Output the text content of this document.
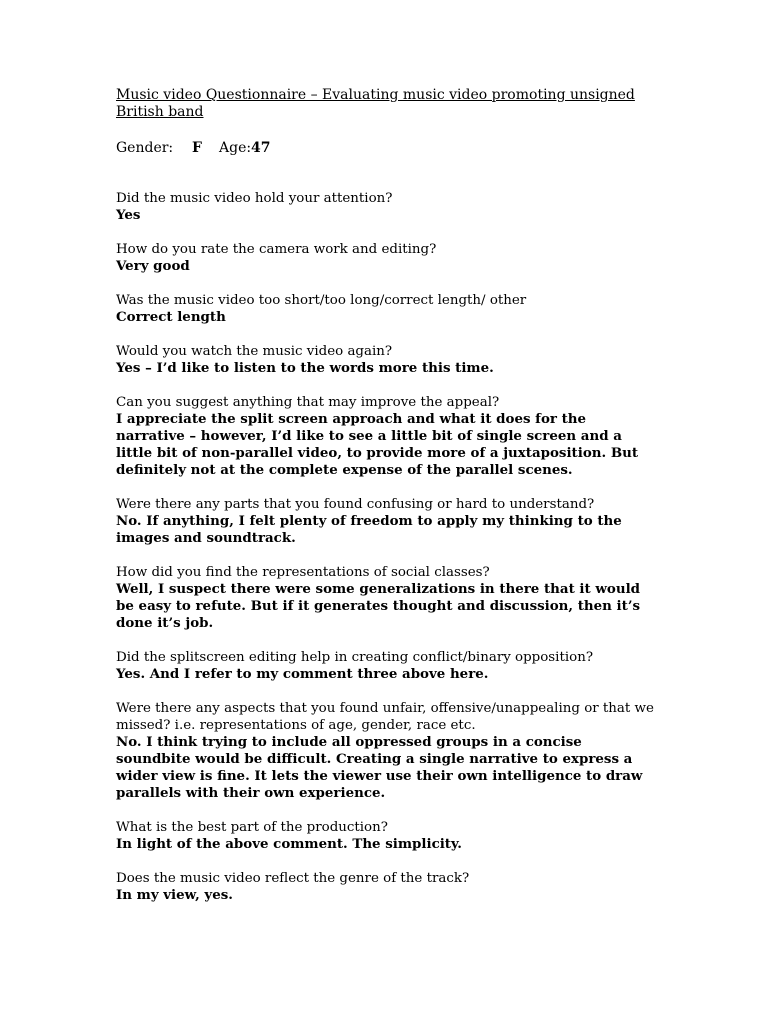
Music video Questionnaire – Evaluating music video promoting unsigned British band
Gender:	F	Age: 47

Did the music video hold your attention?

Yes

How do you rate the camera work and editing?

Very good

Was the music video too short/too long/correct length/ other

Correct length

Would you watch the music video again?

Yes – I’d like to listen to the words more this time.

Can you suggest anything that may improve the appeal?

I appreciate the split screen approach and what it does for the narrative – however, I’d like to see a little bit of single screen and a little bit of non-parallel video, to provide more of a juxtaposition. But definitely not at the complete expense of the parallel scenes.

Were there any parts that you found confusing or hard to understand?

No. If anything, I felt plenty of freedom to apply my thinking to the images and soundtrack.

How did you find the representations of social classes?

Well, I suspect there were some generalizations in there that it would be easy to refute. But if it generates thought and discussion, then it’s done it’s job.

Did the splitscreen editing help in creating conflict/binary opposition?

Yes. And I refer to my comment three above here.

Were there any aspects that you found unfair, offensive/unappealing or that we missed? i.e. representations of age, gender, race etc.

No. I think trying to include all oppressed groups in a concise soundbite would be difficult. Creating a single narrative to express a wider view is fine. It lets the viewer use their own intelligence to draw parallels with their own experience.

What is the best part of the production?

In light of the above comment. The simplicity.

Does the music video reflect the genre of the track?

In my view, yes.
